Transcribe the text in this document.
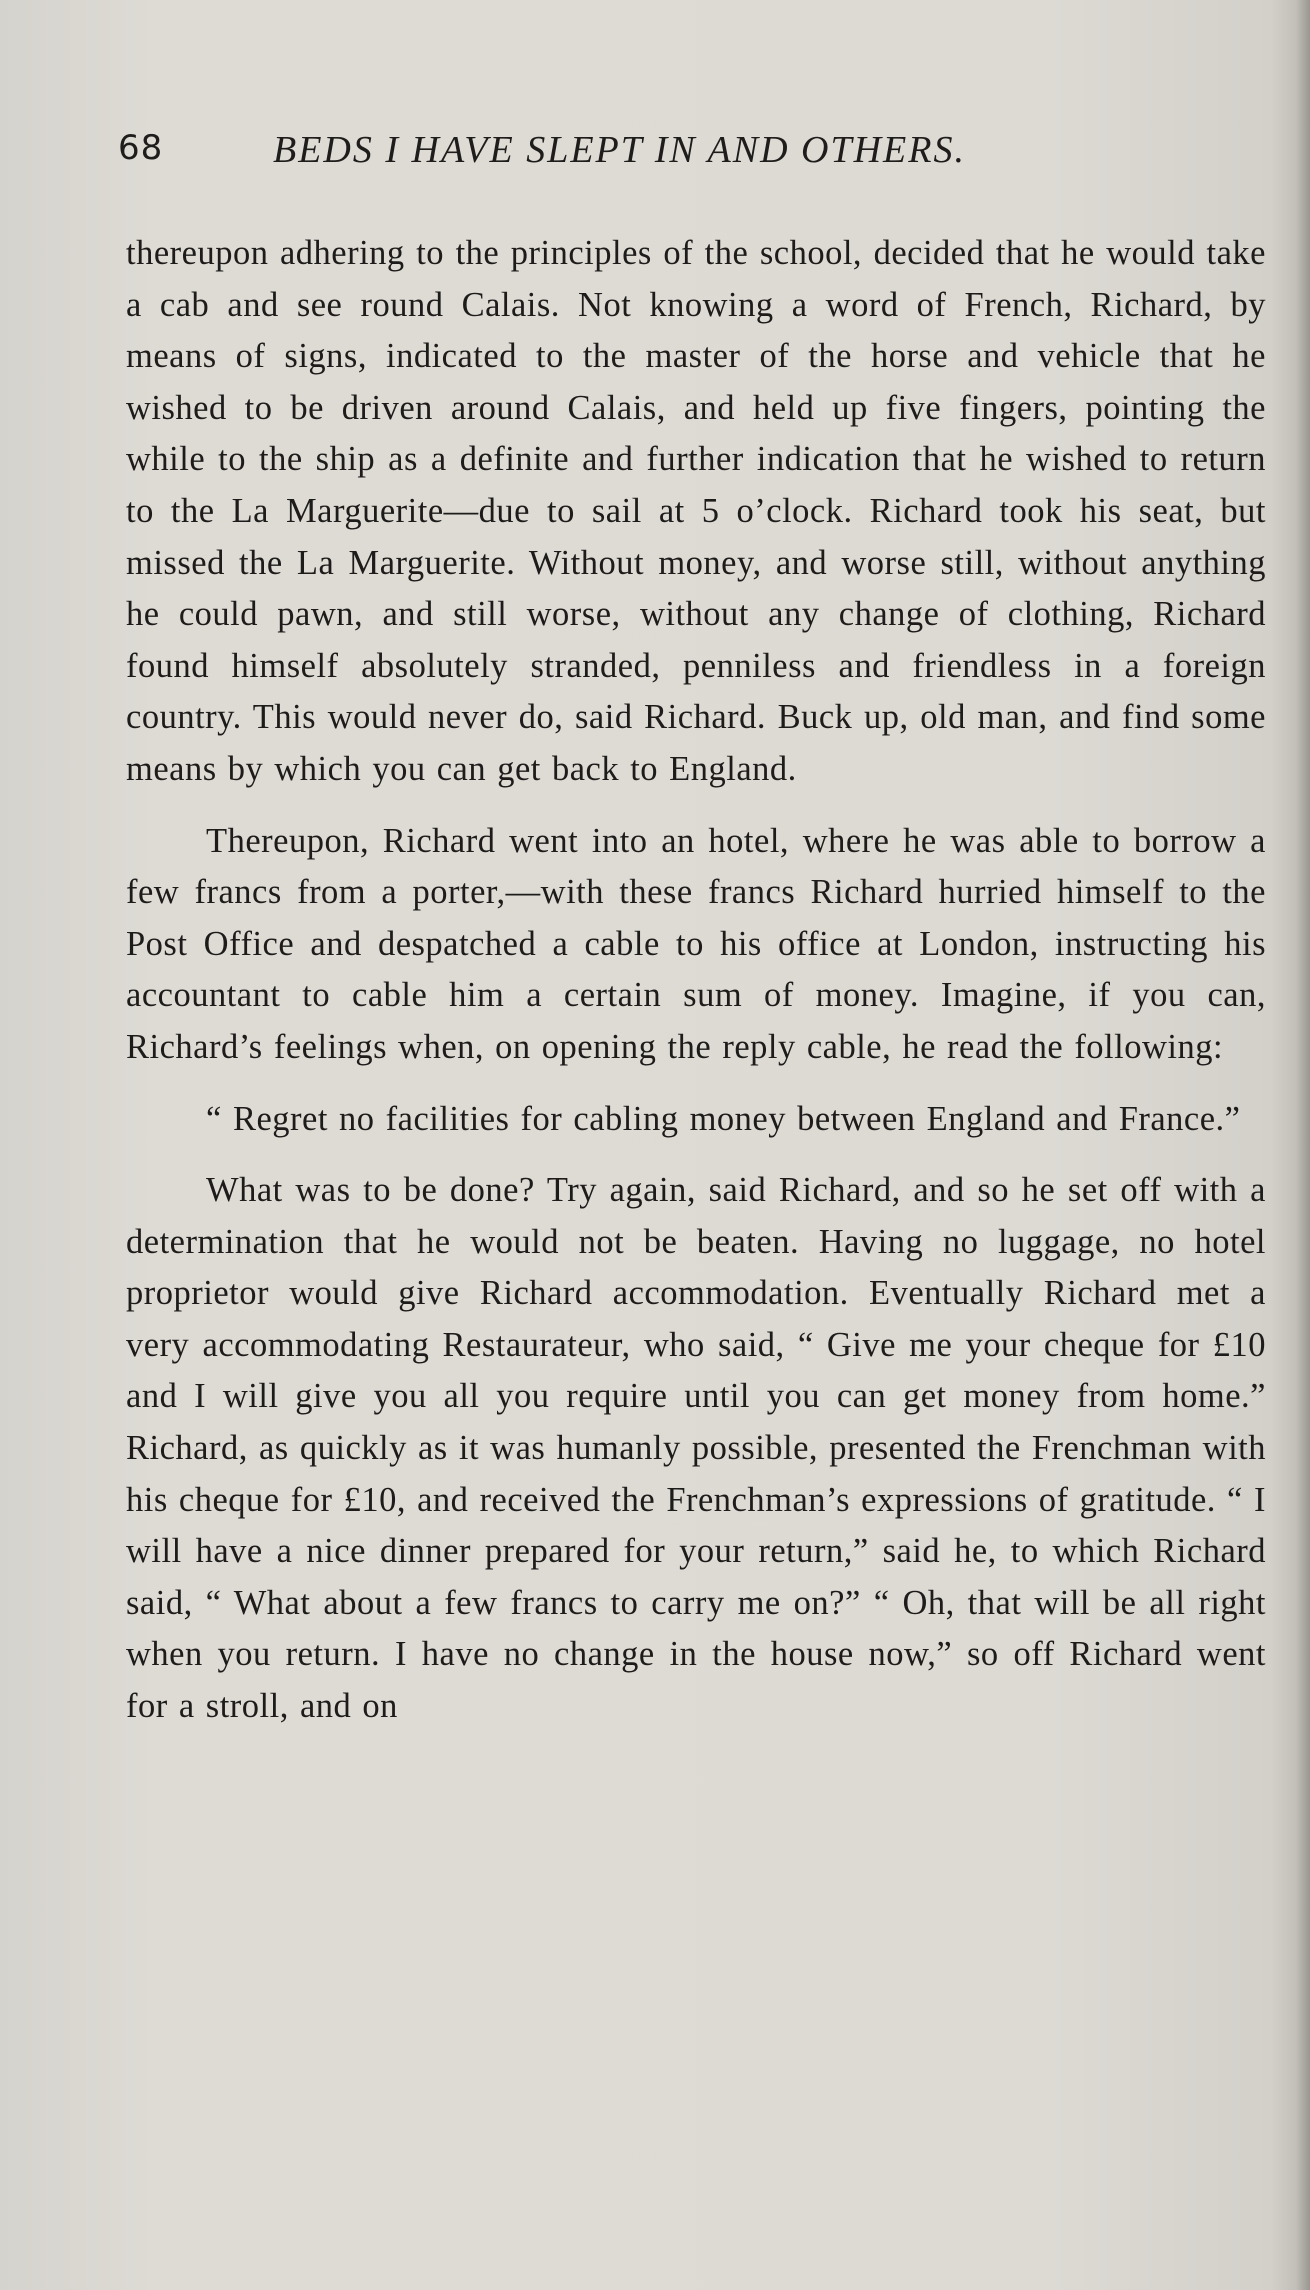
68	BEDS I HAVE SLEPT IN AND OTHERS.

thereupon adhering to the principles of the school, decided that he would take a cab and see round Calais. Not knowing a word of French, Richard, by means of signs, indicated to the master of the horse and vehicle that he wished to be driven around Calais, and held up five fingers, pointing the while to the ship as a definite and further indication that he wished to return to the La Marguerite—due to sail at 5 o’clock. Richard took his seat, but missed the La Marguerite. Without money, and worse still, without anything he could pawn, and still worse, without any change of clothing, Richard found himself absolutely stranded, penniless and friendless in a foreign country. This would never do, said Richard. Buck up, old man, and find some means by which you can get back to England.

Thereupon, Richard went into an hotel, where he was able to borrow a few francs from a porter,—with these francs Richard hurried himself to the Post Office and despatched a cable to his office at London, instructing his accountant to cable him a certain sum of money. Imagine, if you can, Richard’s feelings when, on opening the reply cable, he read the following:

“ Regret no facilities for cabling money between England and France.”

What was to be done? Try again, said Richard, and so he set off with a determination that he would not be beaten. Having no luggage, no hotel proprietor would give Richard accommodation. Eventually Richard met a very accommodating Restaurateur, who said, “ Give me your cheque for £10 and I will give you all you require until you can get money from home.” Richard, as quickly as it was humanly possible, presented the Frenchman with his cheque for £10, and received the Frenchman’s expressions of gratitude. “ I will have a nice dinner prepared for your return,” said he, to which Richard said, “ What about a few francs to carry me on?” “ Oh, that will be all right when you return. I have no change in the house now,” so off Richard went for a stroll, and on
